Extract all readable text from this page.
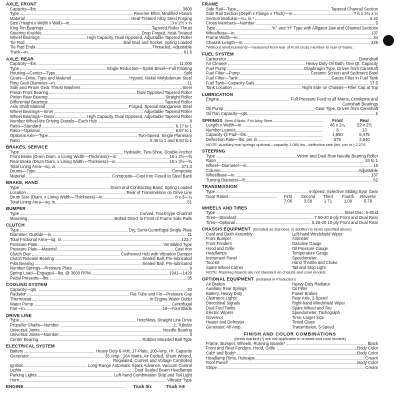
AXLE, FRONT
Capacity—lbs.	3800
Type	Reverse Elliot, Modified I-beam
Material	Heat-Treated Alloy Steel Forging
Size (Height x Width x Wall)—in.	3 x 2½ x ⅜
King Pin Bearings	Tapered Roller Thrust
Steering Knuckle	Drop Forged, Heat-Treated
Wheel Bearings	High Capacity, Dual Opposed, Adjustable Tapered Roller
Tie Rod	Ball Stud and Socket, Spring Loaded
Tie Rod Ends	Threaded, Adjustable
Track—in.	61.6
AXLE, REAR
Capacity—lbs.	11,000
Type	Single Reduction—Spiral Bevel—Full Floating
Housing—Center—Type	Split
Gears—Drive, Type and Material	Hypoid, Nickel Molybdenum Steel
Ring Gear Diameter—in.	11
Side and Pinion Gear Thrust Washers	Steel
Pinion Front Bearing	Dual Opposed Tapered Roller
Pinion Rear Bearing	Straight Roller
Differential Bearings	Tapered Roller
Axle Shaft Material	Forged, Special Manganese Steel
Wheel Bearings—Inner	Adjustable Tapered Roller
Wheel Bearings—Outer	High Capacity, Dual Opposed, Adjustable Tapered Roller
Number Wheel-tire Driving Dowels—Each Hub	8
Ratio—Standard	6.17 to 1
Ratio—Optional	6.67 to 1
Optional Axle—Type	Two-Speed, Single Planetary
Ratio	6.40 to 1 and 8.93 to 1
BRAKES, SERVICE
Type	Hydraulic, Two-Shoe, Double Anchor
Front Brake (Drum Diam. x Lining Width—Thickness)—in.	15 x 2½—⅜
Rear Brake (Drum Diam. x Lining Width—Thickness)—in.	15 x 3½—⅜
Total Lining Area—sq. in.	371.3
Drums—Type	Composite
Material	Composite—Cast Iron Fused to Steel Back
BRAKE, HAND
Type	Drum and Contracting Band, Spring Loaded
Location	Rear of Transmission on Drive Line
Drum Size (Diam. x Lining Width—Thickness)—in.	8 x 3—¼
Total Lining Area—sq. in.	51
BUMPER
Type	Curved, Track-type Channel
Mounting	Bolted Direct to Front of Frame Side Rails
CLUTCH
Type	Dry, Semi-Centrifugal Single Plate
Diameter, Outside—in.	11
Total Frictional Area—sq. in.	123.7
Pressure Plate	Ventilated Type
Pressure Plate—Material	Cast Iron
Clutch Disc	Cushioned Hub with Vibration Damper
Clutch Release Bearing	Sealed Ball, Pre-lubricated
Pilot Bearing	Sealed Ball, Pre-lubricated
Number Springs—Pressure Plate	9
Spring Load—Engaged—lbs. @ 3600 RPM	1941—1429
Pedal Pressure—lbs.	35
COOLING SYSTEM
Capacity—qts.	20
Radiator	Flat Tube and Fin—Pressure Cap
Thermostat	In Engine Water Outlet
Water Pump	Centrifugal
Fan—in.	18—Four Blade
DRIVE LINE
Type	Hotchkiss, Straight Line Drive
Propeller Shafts—Number	2, Tubular
Universal Joints	Needle Bearing
Universal Joints—Number	3
Center Bearing	Rubber Mounted Ball Type
ELECTRICAL SYSTEM
Battery	Heavy Duty 6-Volt, 17-Plate, 100-Amp. Hr. Capacity
Generator	35 Amp., 164 Watts, Air Cooled, Shunt Wound,
Regulated, Current and Voltage Controlled
Ignition	Long-Range Automatic Spark Advance, Vacuum Control
Lights	Dual Sealed Beam Headlamps
Parking Lights	Left-hand Combination Stop and Tail Light
Horn	Vibrator Type
ENGINE	Truck Six	Truck V-8
FRAME
Side Rail—Type	Tapered Channel Section
Side Rail Section (Depth x Flange x Thick)—in.	7⅞ x 2¾ x ¼
Section Modulus—cu. in.*	4.42
Cross Members—Number	5
Type	“K” and “H” Type with Alligator Jaw and Channel Sections
Wheelbase—in.	137
Frame Width—in.	34
Chassis Length—in.	228
*Without reinforcements—measured from rear of front cross member to rear of frame.
FUEL SYSTEM
Carburetor	Downdraft
Air Cleaner	Heavy Duty Oil Bath, One Qt. Capacity
Fuel Pump	Diaphragm Type, Driven from Camshaft
Fuel Filter—Pump	Ceramic Screen and Sediment Bowl
Fuel Filter—Tank	Gauze Filter in Fuel Tank
Fuel Tank—Capacity Gals.	17.5
Tank Location	Right Side on Chassis—Filler Cap at Top
LUBRICATION
Engine	Full Pressure Feed to all Mains, Crankpins and
Camshaft Bearings
Oil Pump	Gear Type, Driven from Camshaft
Oil Pan Capacity—qts.	5
SPRINGS Semi-Elliptic, Full Alloy Steel	Front	Rear
Length x Width—in.	46 x 2¼	52 x 2½
Number Leaves	8	13
Capacity @ Pad—lbs.	1,950	5,475
Deflection Rate—lbs. per in.	575	2,540
NOTE: Auxiliary rear springs optional—capacity 1,080 lbs., deflection rate (lbs. per in.) 2,270.
STEERING
Type	Worm and Dual Row Needle Bearing Roller
Ratio	24 to 1
Wheel—Diameter—in.	18
Column	Adjustable
Wheelbase—in.	137
Turning Diameter—ft.	52
TRANSMISSION
Type	4-Speed, Selective Sliding Spur Gear
Gear Ratios	First	Second Third	Fourth Reverse
7.06	3.58	1.71	1.00	6.78
WHEELS AND TIRES
Type	Steel Disc, 6-Stud
Tires—Standard	7.50-20 8-ply Front and Dual Rear
Tires—Optional	8.25-20 10-ply Front and Dual Rear
CHASSIS EQUIPMENT (Included as standard, in addition to items specified above)
Cowl and Dash Assembly	Left-hand Windshield Wiper
Front Bumper	Ammeter
Front Fenders	Gasoline Gauge
Hood and Grille	Oil Pressure Gauge
Headlamps	Temperature Gauge
Instrument Panel	Speedometer
Tool Kit	Hand Throttle and Choke
Spare Wheel Carrier	Tail and Stop Light
NOTE: Running boards are not standard on chassis and cowl models.
OPTIONAL EQUIPMENT (Installed in Production)
Air Brakes	Heavy-Duty Radiator
Auxiliary Rear Springs	Oil Filter
Battery, Heavy Duty	Power Brakes
Clearance Lights	Rear Axle, 2-Speed
Directional Signals	Right-hand Windshield Wiper
Dual Fuel Tanks	Spare Wheel and Tire
Electric Wipers	Speedometer, Tachograph
Governor	Tires, Larger Size
Heater and Defroster	Tinted Glass
Generator, 40 Amp.	Transmission, 5-Speed
FINISH AND COLOR COMBINATIONS
(Items marked (*) are not applicable to chassis and cowl models)
Frame, Bumper, Wheels, Running Boards*	Black
Front and Rear Fenders, Hood, Grille	Body Color
Cab* and Body*	Body Color
Headlamp Rims, Hubcaps	Cream
Roof Panel*	Body Color
Stripe	Cream
